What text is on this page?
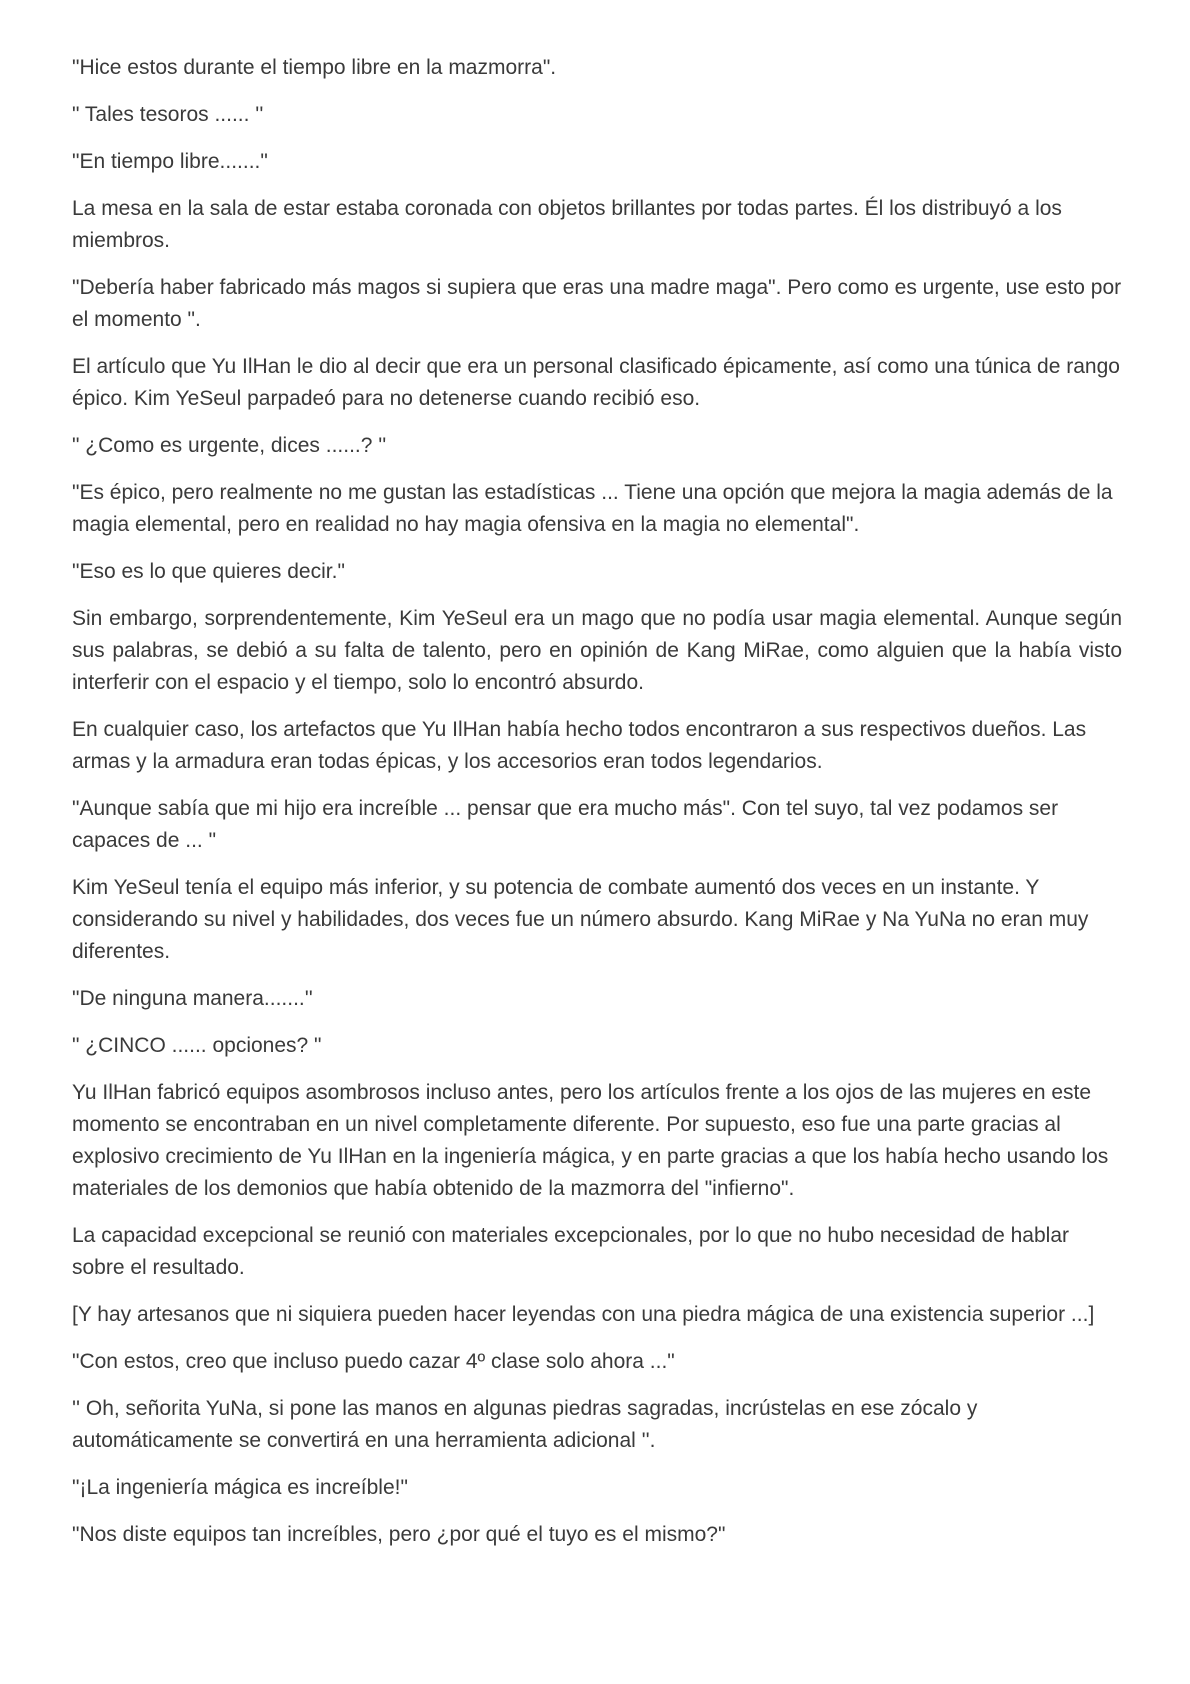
"Hice estos durante el tiempo libre en la mazmorra".

" Tales tesoros ...... ''

"En tiempo libre......."

La mesa en la sala de estar estaba coronada con objetos brillantes por todas partes. Él los distribuyó a los miembros.

"Debería haber fabricado más magos si supiera que eras una madre maga". Pero como es urgente, use esto por el momento ".

El artículo que Yu IlHan le dio al decir que era un personal clasificado épicamente, así como una túnica de rango épico. Kim YeSeul parpadeó para no detenerse cuando recibió eso.

" ¿Como es urgente, dices ......? ''

"Es épico, pero realmente no me gustan las estadísticas ... Tiene una opción que mejora la magia además de la magia elemental, pero en realidad no hay magia ofensiva en la magia no elemental".

"Eso es lo que quieres decir."

Sin embargo, sorprendentemente, Kim YeSeul era un mago que no podía usar magia elemental. Aunque según sus palabras, se debió a su falta de talento, pero en opinión de Kang MiRae, como alguien que la había visto interferir con el espacio y el tiempo, solo lo encontró absurdo.

En cualquier caso, los artefactos que Yu IlHan había hecho todos encontraron a sus respectivos dueños. Las armas y la armadura eran todas épicas, y los accesorios eran todos legendarios.

"Aunque sabía que mi hijo era increíble ... pensar que era mucho más". Con tel suyo, tal vez podamos ser capaces de ... "

Kim YeSeul tenía el equipo más inferior, y su potencia de combate aumentó dos veces en un instante. Y considerando su nivel y habilidades, dos veces fue un número absurdo. Kang MiRae y Na YuNa no eran muy diferentes.

"De ninguna manera.......''

" ¿CINCO ...... opciones? "

Yu IlHan fabricó equipos asombrosos incluso antes, pero los artículos frente a los ojos de las mujeres en este momento se encontraban en un nivel completamente diferente. Por supuesto, eso fue una parte gracias al explosivo crecimiento de Yu IlHan en la ingeniería mágica, y en parte gracias a que los había hecho usando los materiales de los demonios que había obtenido de la mazmorra del "infierno".

La capacidad excepcional se reunió con materiales excepcionales, por lo que no hubo necesidad de hablar sobre el resultado.

[Y hay artesanos que ni siquiera pueden hacer leyendas con una piedra mágica de una existencia superior ...]

"Con estos, creo que incluso puedo cazar 4º clase solo ahora ..."

'' Oh, señorita YuNa, si pone las manos en algunas piedras sagradas, incrústelas en ese zócalo y automáticamente se convertirá en una herramienta adicional ''.

"¡La ingeniería mágica es increíble!"

"Nos diste equipos tan increíbles, pero ¿por qué el tuyo es el mismo?"
